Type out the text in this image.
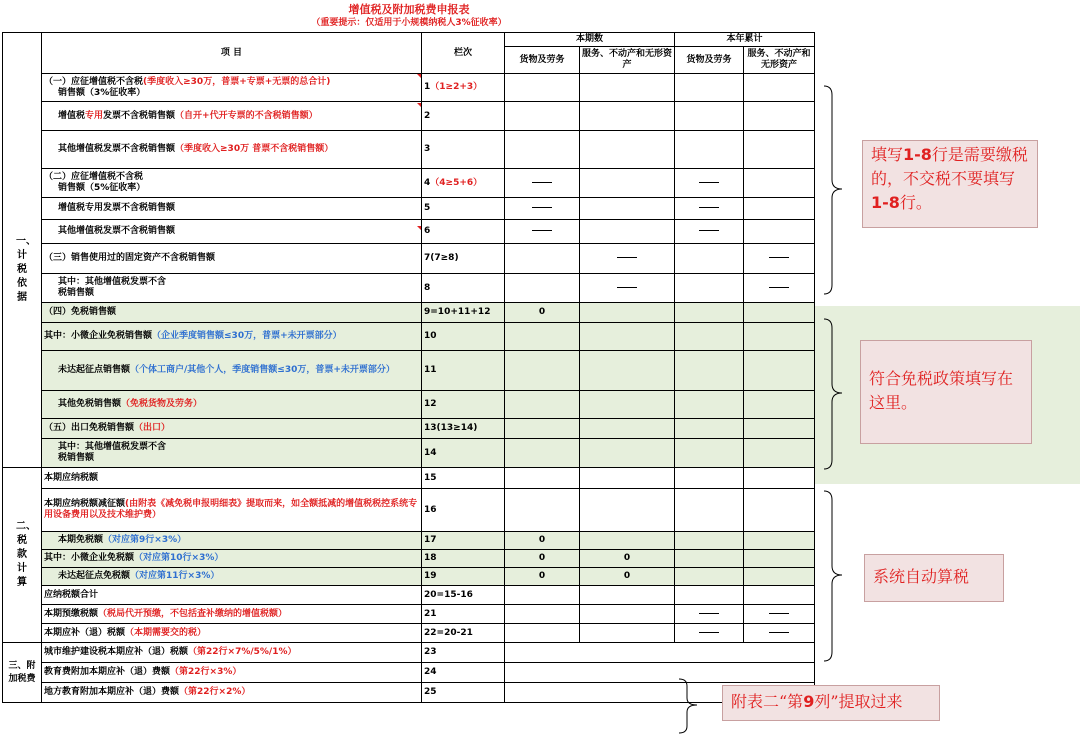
增值税及附加税费申报表
（重要提示：仅适用于小规模纳税人3%征收率）
	项 目	栏次	本期数		本年累计	
			货物及劳务	服务、不动产和无形资产	货物及劳务	服务、不动产和无形资产
一、计税依据	（一）应征增值税不含税(季度收入≥30万，普票+专票+无票的总合计)
销售额（3%征收率）	1（1≥2+3）				
	增值税专用发票不含税销售额（自开+代开专票的不含税销售额）	2				
	其他增值税发票不含税销售额（季度收入≥30万 普票不含税销售额）	3				
	（二）应征增值税不含税
销售额（5%征收率）	4（4≥5+6）				
	增值税专用发票不含税销售额	5				
	其他增值税发票不含税销售额	6				
	（三）销售使用过的固定资产不含税销售额	7(7≥8)				
	其中：其他增值税发票不含
税销售额	8				
	（四）免税销售额	9=10+11+12	0			
	其中：小微企业免税销售额（企业季度销售额≤30万，普票+未开票部分）	10				
	未达起征点销售额（个体工商户/其他个人，季度销售额≤30万，普票+未开票部分）	11				
	其他免税销售额（免税货物及劳务）	12				
	（五）出口免税销售额（出口）	13(13≥14)				
	其中：其他增值税发票不含
税销售额	14				
二、税款计算	本期应纳税额	15				
	本期应纳税额减征额(由附表《减免税申报明细表》提取而来，如全额抵减的增值税税控系统专用设备费用以及技术维护费）	16				
	本期免税额（对应第9行×3%）	17	0			
	其中：小微企业免税额（对应第10行×3%）	18	0	0		
	未达起征点免税额（对应第11行×3%）	19	0	0		
	应纳税额合计	20=15-16				
	本期预缴税额（税局代开预缴，不包括查补缴纳的增值税额）	21				
	本期应补（退）税额（本期需要交的税）	22=20-21				
三、附加税费	城市维护建设税本期应补（退）税额（第22行×7%/5%/1%）	23				
	教育费附加本期应补（退）费额（第22行×3%）	24				
	地方教育附加本期应补（退）费额（第22行×2%）	25				
填写1-8行是需要缴税的，不交税不要填写1-8行。
符合免税政策填写在这里。
系统自动算税
附表二“第9列”提取过来
